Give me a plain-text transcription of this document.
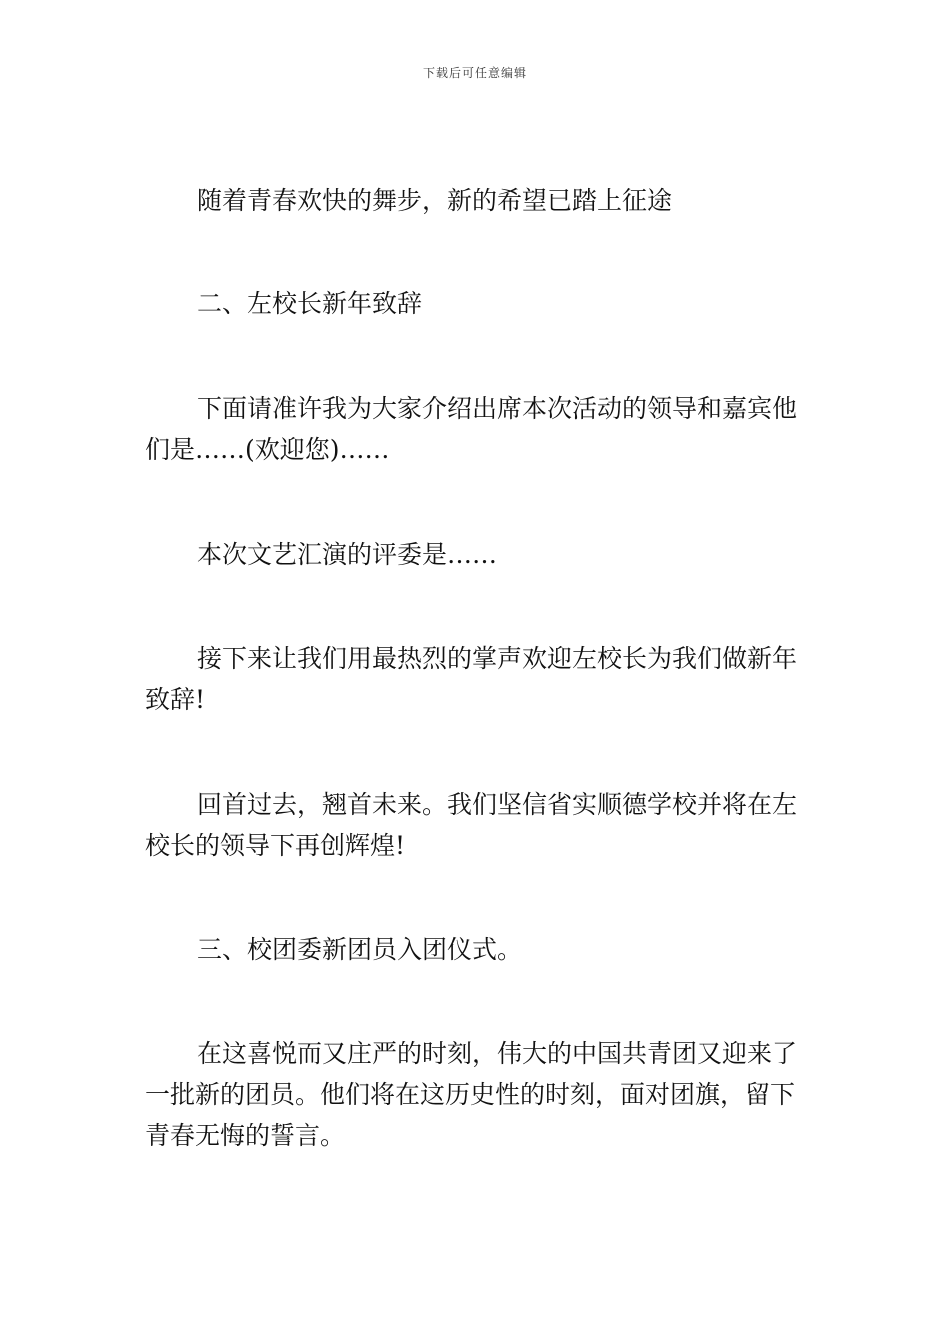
下载后可任意编辑

随着青春欢快的舞步，新的希望已踏上征途

二、左校长新年致辞

下面请准许我为大家介绍出席本次活动的领导和嘉宾他们是……(欢迎您)……

本次文艺汇演的评委是……

接下来让我们用最热烈的掌声欢迎左校长为我们做新年致辞!

回首过去，翘首未来。我们坚信省实顺德学校并将在左校长的领导下再创辉煌!

三、校团委新团员入团仪式。

在这喜悦而又庄严的时刻，伟大的中国共青团又迎来了一批新的团员。他们将在这历史性的时刻，面对团旗，留下青春无悔的誓言。
